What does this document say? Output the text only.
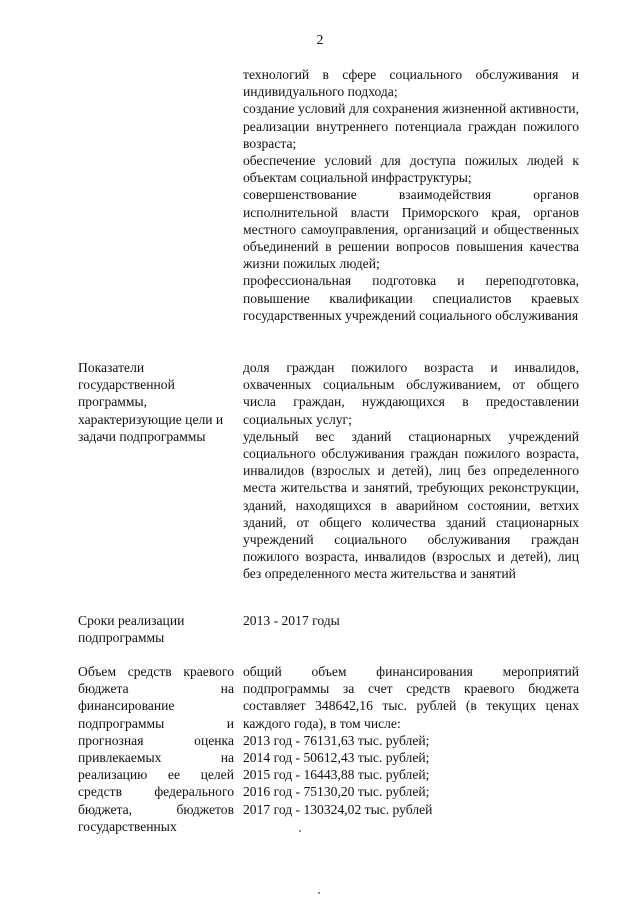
2

технологий в сфере социального обслуживания и индивидуального подхода;

создание условий для сохранения жизненной активности, реализации внутреннего потенциала граждан пожилого возраста;

обеспечение условий для доступа пожилых людей к объектам социальной инфраструктуры;

совершенствование взаимодействия органов исполнительной власти Приморского края, органов местного самоуправления, организаций и общественных объединений в решении вопросов повышения качества жизни пожилых людей;

профессиональная подготовка и переподготовка, повышение квалификации специалистов краевых государственных учреждений социального обслуживания

Показатели государственной программы, характеризующие цели и задачи подпрограммы

доля граждан пожилого возраста и инвалидов, охваченных социальным обслуживанием, от общего числа граждан, нуждающихся в предоставлении социальных услуг;

удельный вес зданий стационарных учреждений социального обслуживания граждан пожилого возраста, инвалидов (взрослых и детей), лиц без определенного места жительства и занятий, требующих реконструкции, зданий, находящихся в аварийном состоянии, ветхих зданий, от общего количества зданий стационарных учреждений социального обслуживания граждан пожилого возраста, инвалидов (взрослых и детей), лиц без определенного места жительства и занятий

Сроки реализации подпрограммы
2013 - 2017 годы
Объем средств краевого бюджета на финансирование подпрограммы и прогнозная оценка привлекаемых на реализацию ее целей средств федерального бюджета, бюджетов государственных

общий объем финансирования мероприятий подпрограммы за счет средств краевого бюджета составляет 348642,16 тыс. рублей (в текущих ценах каждого года), в том числе:

2013 год - 76131,63 тыс. рублей;
2014 год - 50612,43 тыс. рублей;
2015 год - 16443,88 тыс. рублей;
2016 год - 75130,20 тыс. рублей;
2017 год - 130324,02 тыс. рублей
